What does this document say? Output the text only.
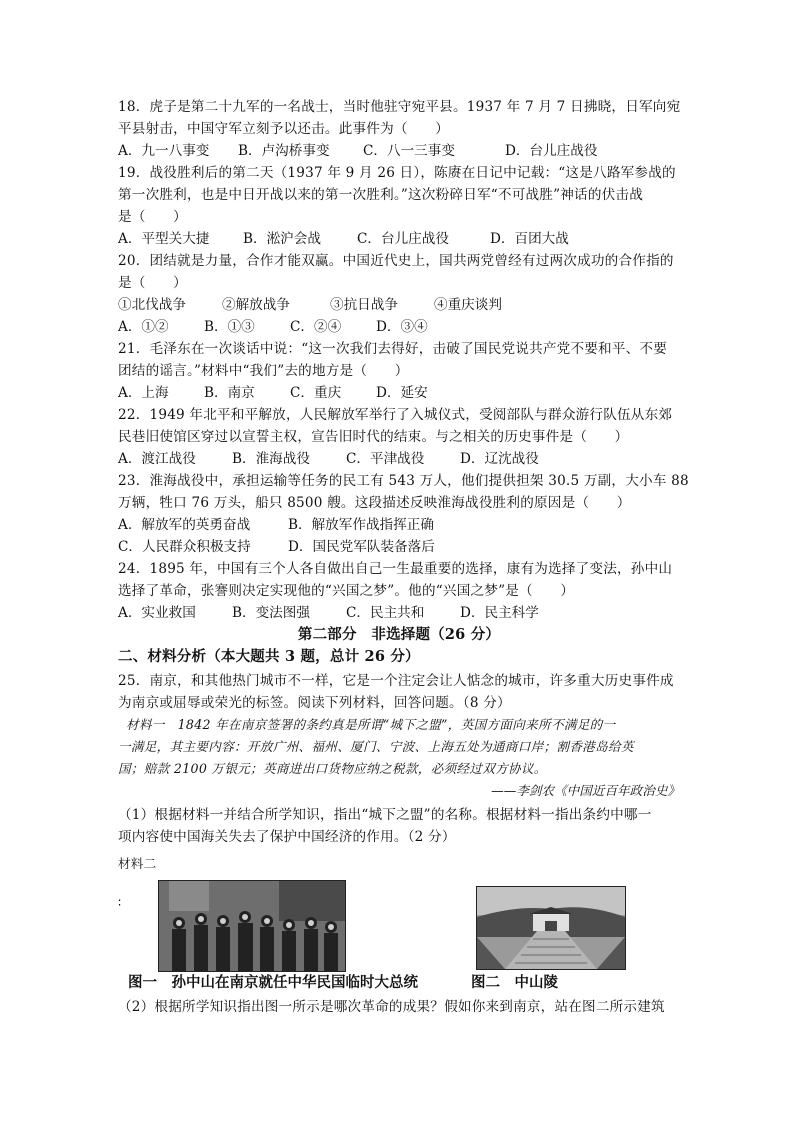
18．虎子是第二十九军的一名战士，当时他驻守宛平县。1937 年 7 月 7 日拂晓，日军向宛
平县射击，中国守军立刻予以还击。此事件为（　　）
A．九一八事变 B．卢沟桥事变 C．八一三事变	D．台儿庄战役
19．战役胜利后的第二天（1937 年 9 月 26 日），陈赓在日记中记载：“这是八路军参战的
第一次胜利，也是中日开战以来的第一次胜利。”这次粉碎日军“不可战胜”神话的伏击战
是（　　）
A．平型关大捷 B．淞沪会战	C．台儿庄战役	D．百团大战
20．团结就是力量，合作才能双赢。中国近代史上，国共两党曾经有过两次成功的合作指的
是（　　）
①北伐战争	②解放战争	③抗日战争	④重庆谈判
A．①②	B．①③	C．②④	D．③④
21．毛泽东在一次谈话中说：“这一次我们去得好，击破了国民党说共产党不要和平、不要
团结的谣言。”材料中“我们”去的地方是（　　）
A．上海	B．南京	C．重庆	D．延安
22．1949 年北平和平解放，人民解放军举行了入城仪式，受阅部队与群众游行队伍从东郊
民巷旧使馆区穿过以宣誓主权，宣告旧时代的结束。与之相关的历史事件是（　　）
A．渡江战役	B．淮海战役	C．平津战役	D．辽沈战役
23．淮海战役中，承担运输等任务的民工有 543 万人，他们提供担架 30.5 万副，大小车 88
万辆，牲口 76 万头，船只 8500 艘。这段描述反映淮海战役胜利的原因是（　　）
A．解放军的英勇奋战	B．解放军作战指挥正确
C．人民群众积极支持	D．国民党军队装备落后
24．1895 年，中国有三个人各自做出自己一生最重要的选择，康有为选择了变法，孙中山
选择了革命，张謇则决定实现他的“兴国之梦”。他的“兴国之梦”是（　　）
A．实业救国	B．变法图强	C．民主共和	D．民主科学
第二部分　非选择题（26 分）
二、材料分析（本大题共 3 题，总计 26 分）
25．南京，和其他热门城市不一样，它是一个注定会让人惦念的城市，许多重大历史事件成
为南京或屈辱或荣光的标签。阅读下列材料，回答问题。（8 分）
材料一　1842 年在南京签署的条约真是所谓“城下之盟”，英国方面向来所不满足的一
一满足，其主要内容：开放广州、福州、厦门、宁波、上海五处为通商口岸；割香港岛给英
国；赔款 2100 万银元；英商进出口货物应纳之税款，必须经过双方协议。
——李剑农《中国近百年政治史》
（1）根据材料一并结合所学知识，指出“城下之盟”的名称。根据材料一指出条约中哪一
项内容使中国海关失去了保护中国经济的作用。（2 分）
材料二
∶
图一　孙中山在南京就任中华民国临时大总统	图二　中山陵
（2）根据所学知识指出图一所示是哪次革命的成果？假如你来到南京，站在图二所示建筑
